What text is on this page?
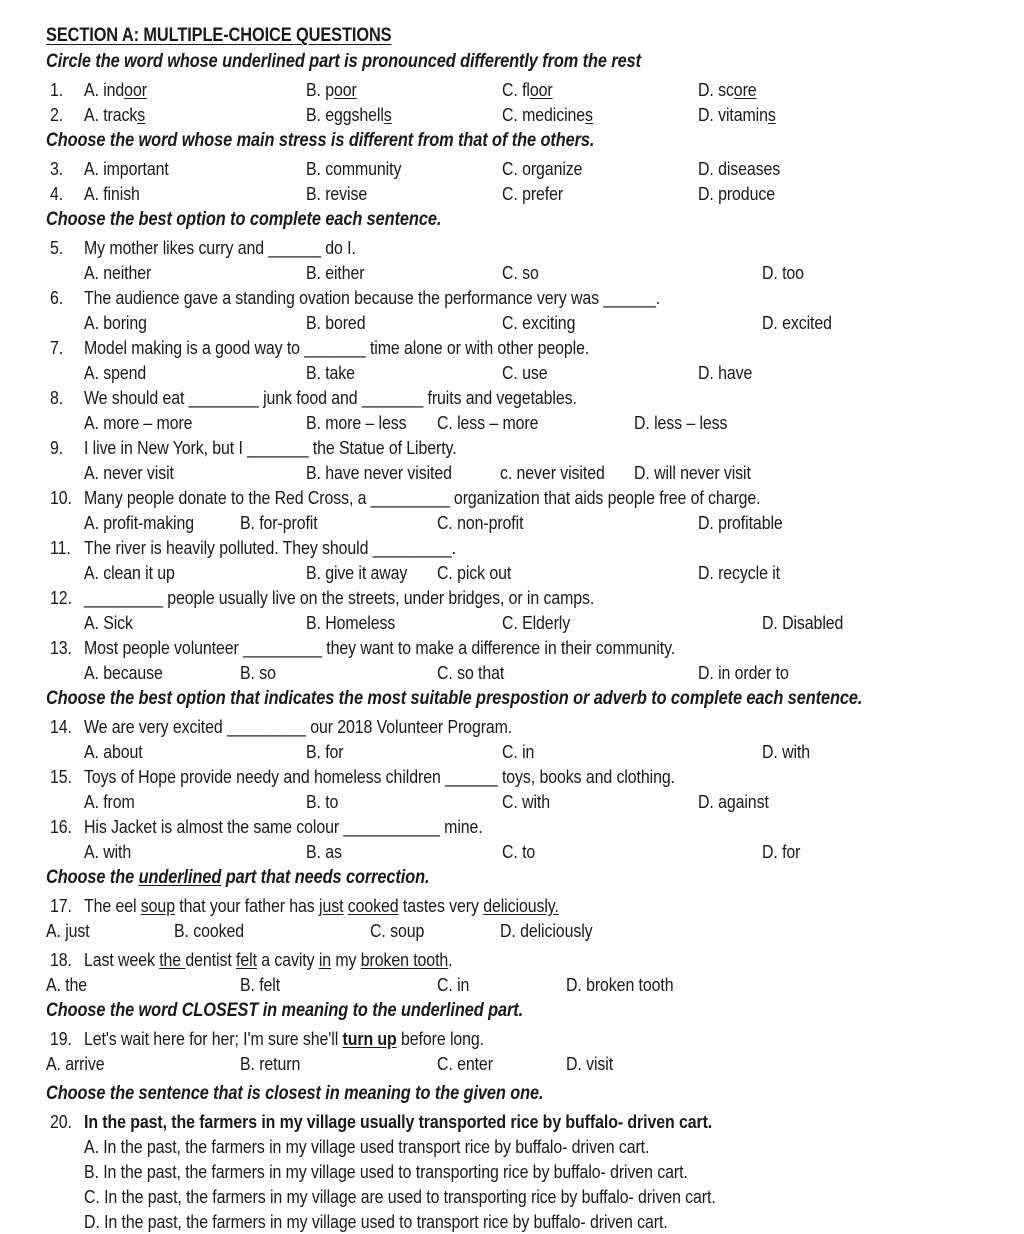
SECTION A: MULTIPLE-CHOICE QUESTIONS
Circle the word whose underlined part is pronounced differently from the rest
1. A. indoor	B. poor	C. floor	D. score
2. A. tracks	B. eggshells	C. medicines	D. vitamins
Choose the word whose main stress is different from that of the others.
3. A. important	B. community	C. organize	D. diseases
4. A. finish	B. revise	C. prefer	D. produce
Choose the best option to complete each sentence.
5. My mother likes curry and ______ do I.
A. neither	B. either	C. so	D. too
6. The audience gave a standing ovation because the performance very was ______.
A. boring	B. bored	C. exciting	D. excited
7. Model making is a good way to _______ time alone or with other people.
A. spend	B. take	C. use	D. have
8. We should eat ________ junk food and _______ fruits and vegetables.
A. more – more	B. more – less C. less – more	D. less – less
9. I live in New York, but I _______ the Statue of Liberty.
A. never visit	B. have never visited	c. never visited D. will never visit
10. Many people donate to the Red Cross, a _________ organization that aids people free of charge.
A. profit-making B. for-profit	C. non-profit	D. profitable
11. The river is heavily polluted. They should _________.
A. clean it up	B. give it away C. pick out	D. recycle it
12. _________ people usually live on the streets, under bridges, or in camps.
A. Sick	B. Homeless	C. Elderly	D. Disabled
13. Most people volunteer _________ they want to make a difference in their community.
A. because	B. so	C. so that	D. in order to
Choose the best option that indicates the most suitable prespostion or adverb to complete each sentence.
14. We are very excited _________ our 2018 Volunteer Program.
A. about	B. for	C. in	D. with
15. Toys of Hope provide needy and homeless children ______ toys, books and clothing.
A. from	B. to	C. with	D. against
16. His Jacket is almost the same colour ___________ mine.
A. with	B. as	C. to	D. for
Choose the underlined part that needs correction.
17. The eel soup that your father has just cooked tastes very deliciously.
A. just	B. cooked	C. soup	D. deliciously
18. Last week the dentist felt a cavity in my broken tooth.
A. the	B. felt	C. in	D. broken tooth
Choose the word CLOSEST in meaning to the underlined part.
19. Let's wait here for her; I'm sure she'll turn up before long.
A. arrive	B. return	C. enter	D. visit
Choose the sentence that is closest in meaning to the given one.
20. In the past, the farmers in my village usually transported rice by buffalo- driven cart.
A. In the past, the farmers in my village used transport rice by buffalo- driven cart.
B. In the past, the farmers in my village used to transporting rice by buffalo- driven cart.
C. In the past, the farmers in my village are used to transporting rice by buffalo- driven cart.
D. In the past, the farmers in my village used to transport rice by buffalo- driven cart.
